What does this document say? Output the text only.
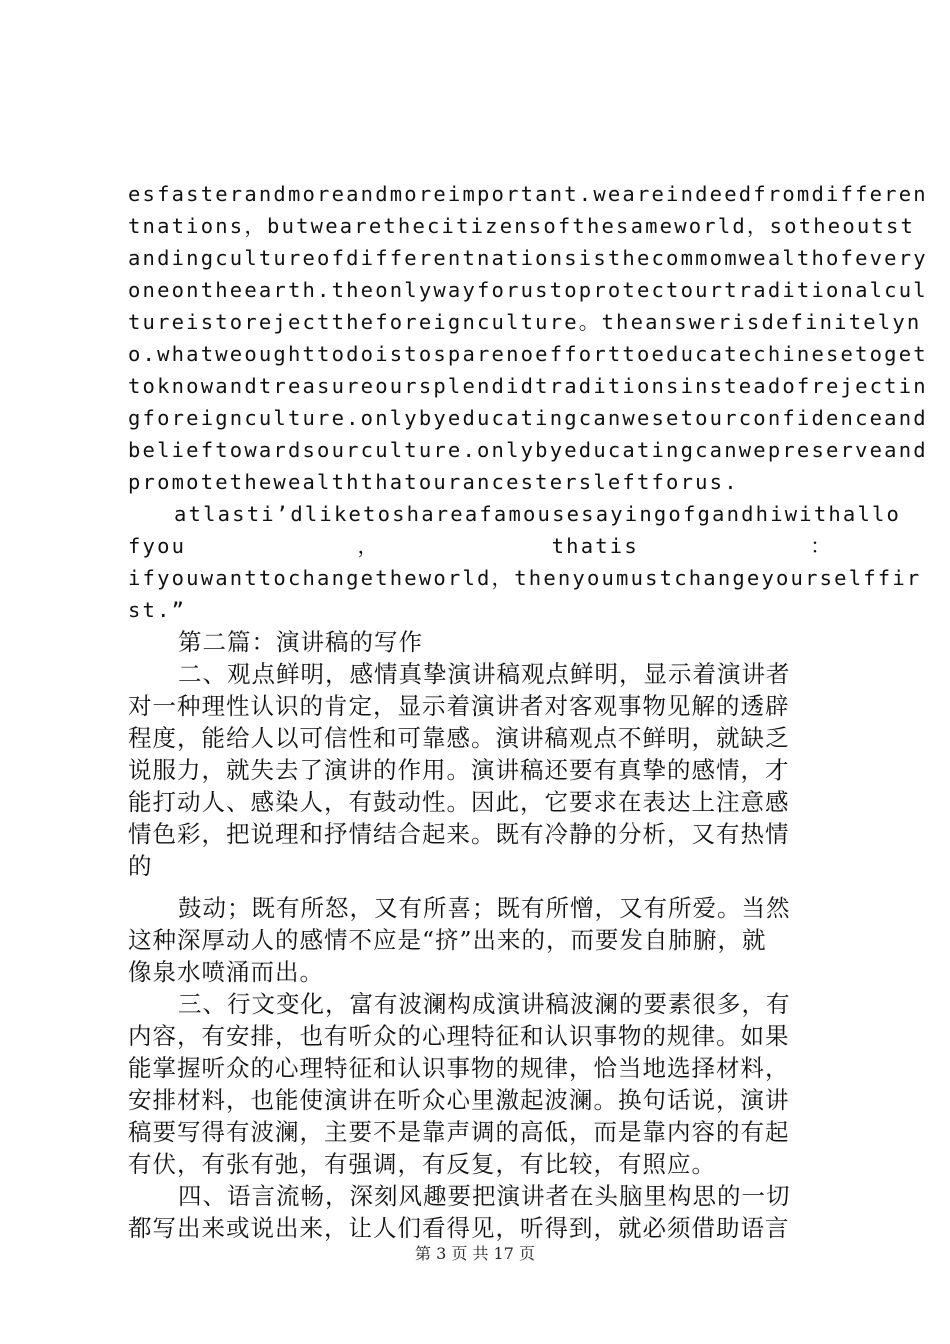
esfasterandmoreandmoreimportant.weareindeedfromdifferen
tnations，butwearethecitizensofthesameworld，sotheoutst
andingcultureofdifferentnationsisthecommomwealthofevery
oneontheearth.theonlywayforustoprotectourtraditionalcul
tureistorejecttheforeignculture。theanswerisdefinitelyn
o.whatweoughttodoistosparenoefforttoeducatechinesetoget
toknowandtreasureoursplendidtraditionsinsteadofrejectin
gforeignculture.onlybyeducatingcanwesetourconfidenceand
belieftowardsourculture.onlybyeducatingcanwepreserveand
promotethewealththatourancestersleftforus.
atlasti’dliketoshareafamousesayingofgandhiwithallo
fyou	，	thatis	：
ifyouwanttochangetheworld，thenyoumustchangeyourselffir
st.”
第二篇：演讲稿的写作
二、观点鲜明，感情真挚演讲稿观点鲜明，显示着演讲者
对一种理性认识的肯定，显示着演讲者对客观事物见解的透辟
程度，能给人以可信性和可靠感。演讲稿观点不鲜明，就缺乏
说服力，就失去了演讲的作用。演讲稿还要有真挚的感情，才
能打动人、感染人，有鼓动性。因此，它要求在表达上注意感
情色彩，把说理和抒情结合起来。既有冷静的分析，又有热情
的
鼓动；既有所怒，又有所喜；既有所憎，又有所爱。当然
这种深厚动人的感情不应是“挤”出来的，而要发自肺腑，就
像泉水喷涌而出。
三、行文变化，富有波澜构成演讲稿波澜的要素很多，有
内容，有安排，也有听众的心理特征和认识事物的规律。如果
能掌握听众的心理特征和认识事物的规律，恰当地选择材料，
安排材料，也能使演讲在听众心里激起波澜。换句话说，演讲
稿要写得有波澜，主要不是靠声调的高低，而是靠内容的有起
有伏，有张有弛，有强调，有反复，有比较，有照应。
四、语言流畅，深刻风趣要把演讲者在头脑里构思的一切
都写出来或说出来，让人们看得见，听得到，就必须借助语言
第 3 页 共 17 页
